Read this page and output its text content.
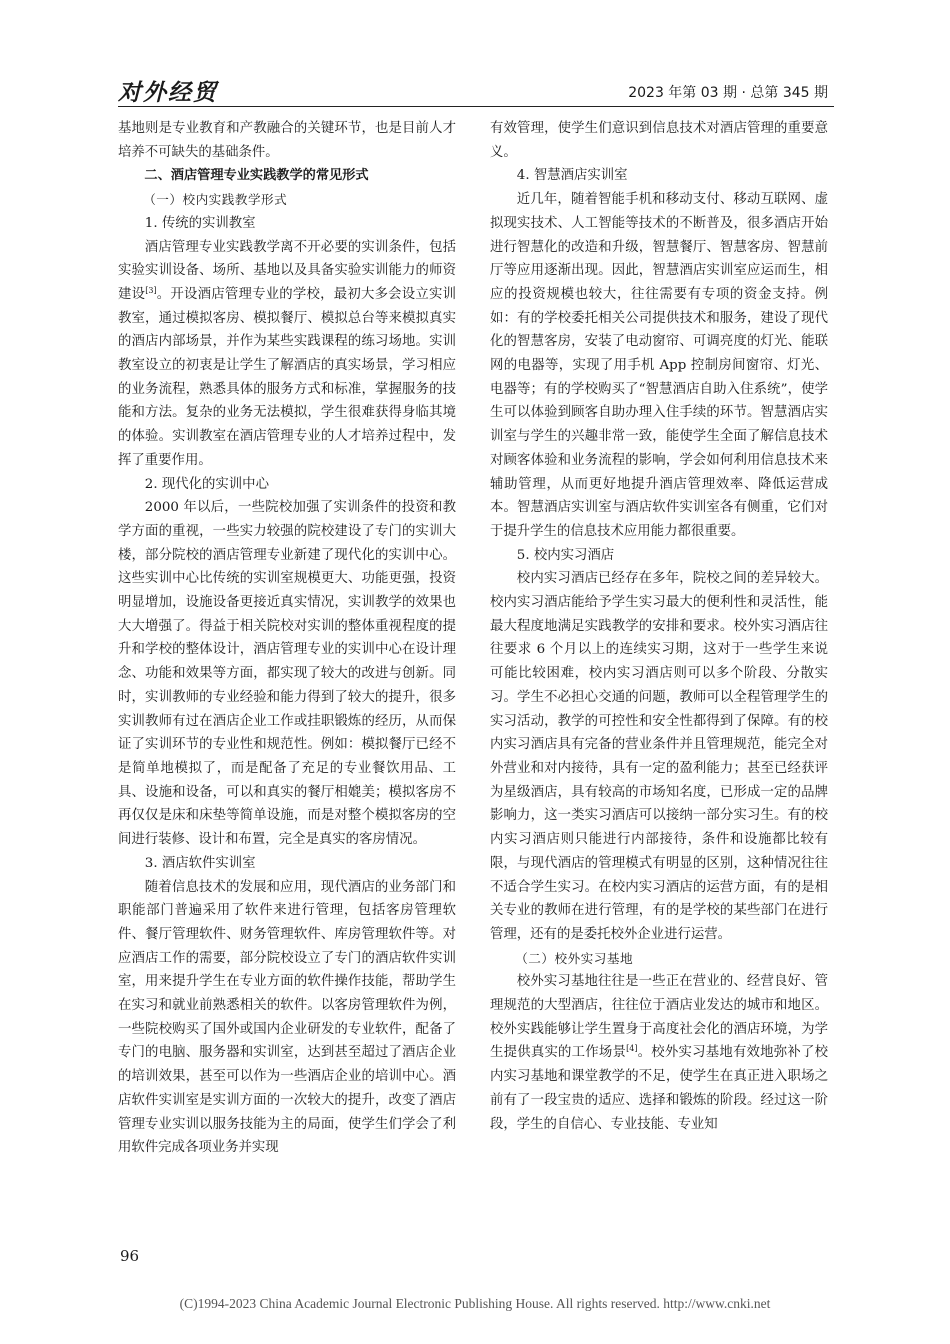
对外经贸	2023 年第 03 期 · 总第 345 期

基地则是专业教育和产教融合的关键环节，也是目前人才培养不可缺失的基础条件。

二、酒店管理专业实践教学的常见形式

（一）校内实践教学形式

1. 传统的实训教室

酒店管理专业实践教学离不开必要的实训条件，包括实验实训设备、场所、基地以及具备实验实训能力的师资建设[3]。开设酒店管理专业的学校，最初大多会设立实训教室，通过模拟客房、模拟餐厅、模拟总台等来模拟真实的酒店内部场景，并作为某些实践课程的练习场地。实训教室设立的初衷是让学生了解酒店的真实场景，学习相应的业务流程，熟悉具体的服务方式和标准，掌握服务的技能和方法。复杂的业务无法模拟，学生很难获得身临其境的体验。实训教室在酒店管理专业的人才培养过程中，发挥了重要作用。

2. 现代化的实训中心

2000 年以后，一些院校加强了实训条件的投资和教学方面的重视，一些实力较强的院校建设了专门的实训大楼，部分院校的酒店管理专业新建了现代化的实训中心。这些实训中心比传统的实训室规模更大、功能更强，投资明显增加，设施设备更接近真实情况，实训教学的效果也大大增强了。得益于相关院校对实训的整体重视程度的提升和学校的整体设计，酒店管理专业的实训中心在设计理念、功能和效果等方面，都实现了较大的改进与创新。同时，实训教师的专业经验和能力得到了较大的提升，很多实训教师有过在酒店企业工作或挂职锻炼的经历，从而保证了实训环节的专业性和规范性。例如：模拟餐厅已经不是简单地模拟了，而是配备了充足的专业餐饮用品、工具、设施和设备，可以和真实的餐厅相媲美；模拟客房不再仅仅是床和床垫等简单设施，而是对整个模拟客房的空间进行装修、设计和布置，完全是真实的客房情况。

3. 酒店软件实训室

随着信息技术的发展和应用，现代酒店的业务部门和职能部门普遍采用了软件来进行管理，包括客房管理软件、餐厅管理软件、财务管理软件、库房管理软件等。对应酒店工作的需要，部分院校设立了专门的酒店软件实训室，用来提升学生在专业方面的软件操作技能，帮助学生在实习和就业前熟悉相关的软件。以客房管理软件为例，一些院校购买了国外或国内企业研发的专业软件，配备了专门的电脑、服务器和实训室，达到甚至超过了酒店企业的培训效果，甚至可以作为一些酒店企业的培训中心。酒店软件实训室是实训方面的一次较大的提升，改变了酒店管理专业实训以服务技能为主的局面，使学生们学会了利用软件完成各项业务并实现

有效管理，使学生们意识到信息技术对酒店管理的重要意义。

4. 智慧酒店实训室

近几年，随着智能手机和移动支付、移动互联网、虚拟现实技术、人工智能等技术的不断普及，很多酒店开始进行智慧化的改造和升级，智慧餐厅、智慧客房、智慧前厅等应用逐渐出现。因此，智慧酒店实训室应运而生，相应的投资规模也较大，往往需要有专项的资金支持。例如：有的学校委托相关公司提供技术和服务，建设了现代化的智慧客房，安装了电动窗帘、可调亮度的灯光、能联网的电器等，实现了用手机 App 控制房间窗帘、灯光、电器等；有的学校购买了“智慧酒店自助入住系统”，使学生可以体验到顾客自助办理入住手续的环节。智慧酒店实训室与学生的兴趣非常一致，能使学生全面了解信息技术对顾客体验和业务流程的影响，学会如何利用信息技术来辅助管理，从而更好地提升酒店管理效率、降低运营成本。智慧酒店实训室与酒店软件实训室各有侧重，它们对于提升学生的信息技术应用能力都很重要。

5. 校内实习酒店

校内实习酒店已经存在多年，院校之间的差异较大。校内实习酒店能给予学生实习最大的便利性和灵活性，能最大程度地满足实践教学的安排和要求。校外实习酒店往往要求 6 个月以上的连续实习期，这对于一些学生来说可能比较困难，校内实习酒店则可以多个阶段、分散实习。学生不必担心交通的问题，教师可以全程管理学生的实习活动，教学的可控性和安全性都得到了保障。有的校内实习酒店具有完备的营业条件并且管理规范，能完全对外营业和对内接待，具有一定的盈利能力；甚至已经获评为星级酒店，具有较高的市场知名度，已形成一定的品牌影响力，这一类实习酒店可以接纳一部分实习生。有的校内实习酒店则只能进行内部接待，条件和设施都比较有限，与现代酒店的管理模式有明显的区别，这种情况往往不适合学生实习。在校内实习酒店的运营方面，有的是相关专业的教师在进行管理，有的是学校的某些部门在进行管理，还有的是委托校外企业进行运营。

（二）校外实习基地

校外实习基地往往是一些正在营业的、经营良好、管理规范的大型酒店，往往位于酒店业发达的城市和地区。校外实践能够让学生置身于高度社会化的酒店环境，为学生提供真实的工作场景[4]。校外实习基地有效地弥补了校内实习基地和课堂教学的不足，使学生在真正进入职场之前有了一段宝贵的适应、选择和锻炼的阶段。经过这一阶段，学生的自信心、专业技能、专业知

96
(C)1994-2023 China Academic Journal Electronic Publishing House. All rights reserved. http://www.cnki.net
